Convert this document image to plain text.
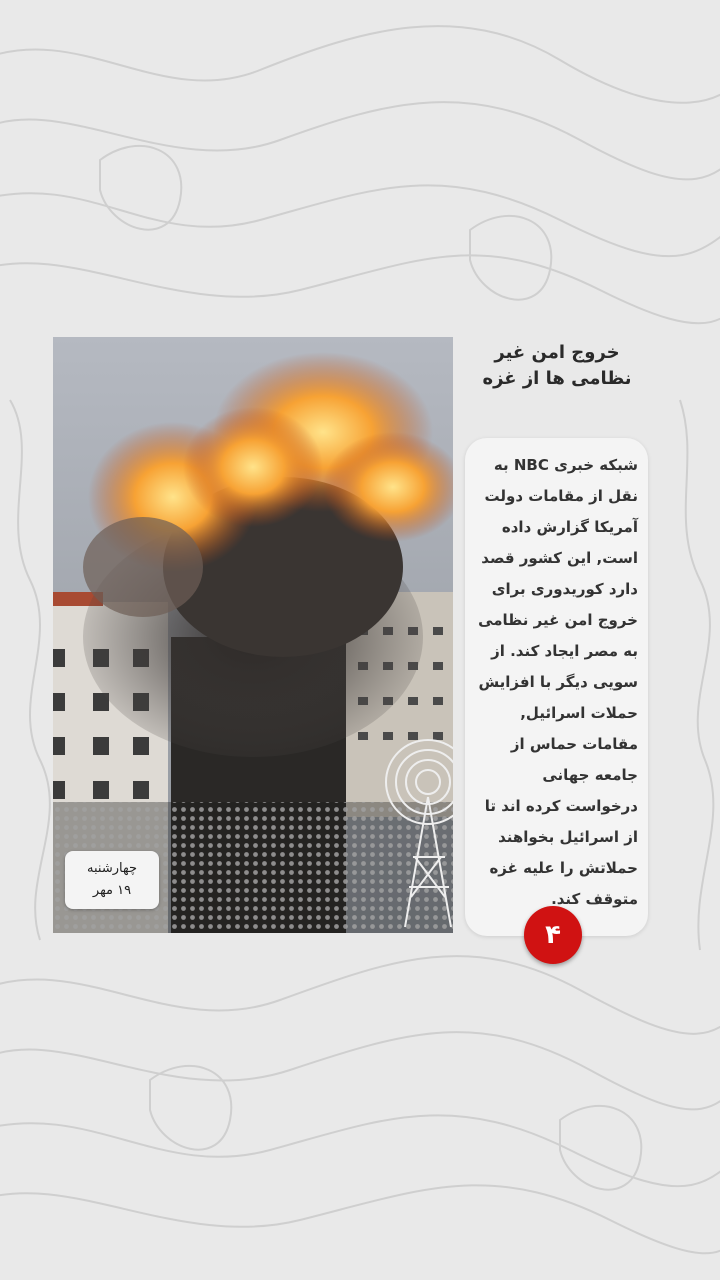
چهارشنبه
۱۹ مهر
خروج امن غیر نظامی ها از غزه
شبکه خبری NBC به نقل از مقامات دولت آمریکا گزارش داده است, این کشور قصد دارد کوریدوری برای خروج امن غیر نظامی به مصر ایجاد کند. از سویی دیگر با افزایش حملات اسرائیل, مقامات حماس از جامعه جهانی درخواست کرده اند تا از اسرائیل بخواهند حملاتش را علیه غزه متوقف کند.
۴
